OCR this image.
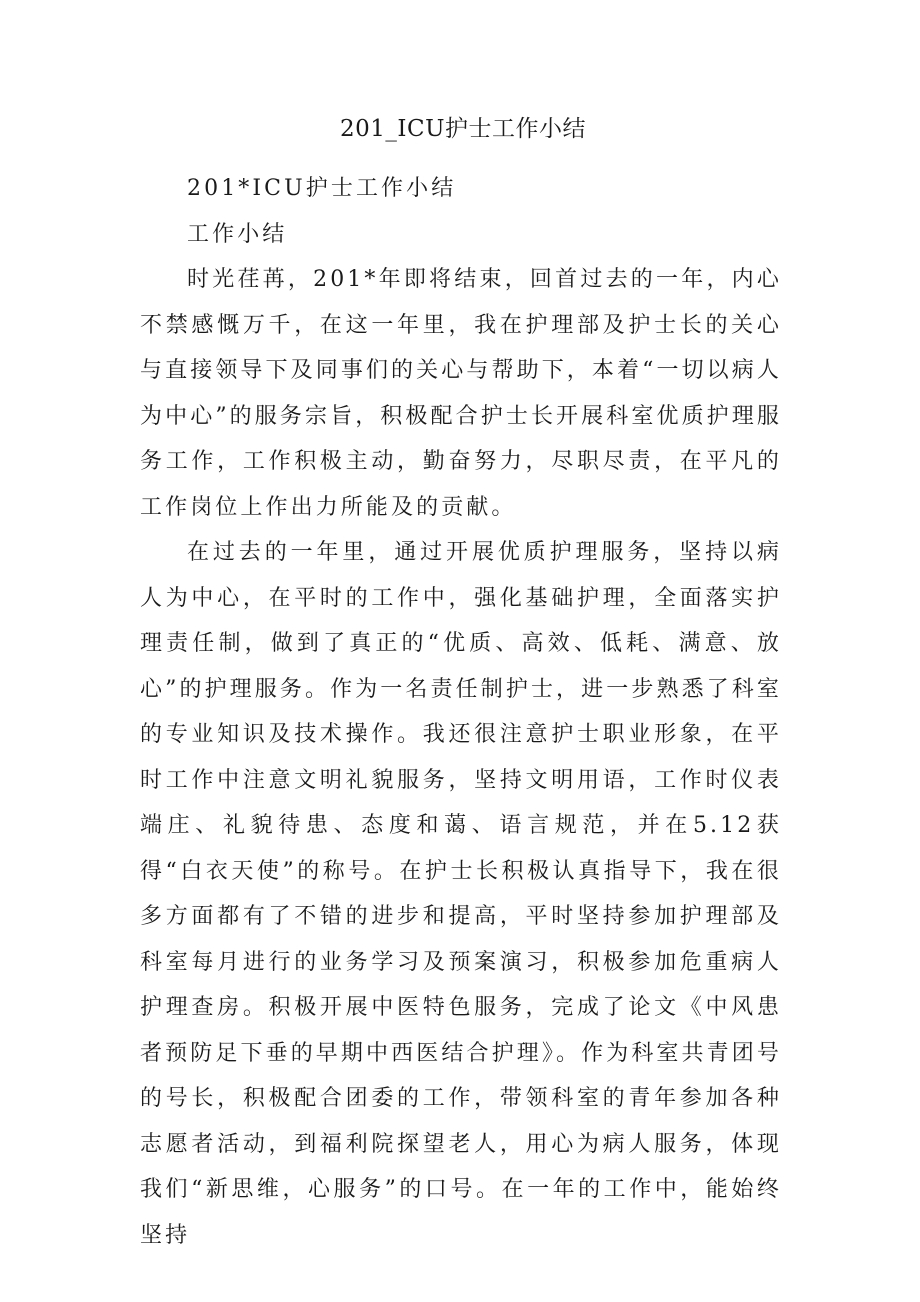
201_ICU护士工作小结

201*ICU护士工作小结

工作小结

时光荏苒，201*年即将结束，回首过去的一年，内心不禁感慨万千，在这一年里，我在护理部及护士长的关心与直接领导下及同事们的关心与帮助下，本着“一切以病人为中心”的服务宗旨，积极配合护士长开展科室优质护理服务工作，工作积极主动，勤奋努力，尽职尽责，在平凡的工作岗位上作出力所能及的贡献。

在过去的一年里，通过开展优质护理服务，坚持以病人为中心，在平时的工作中，强化基础护理，全面落实护理责任制，做到了真正的“优质、高效、低耗、满意、放心”的护理服务。作为一名责任制护士，进一步熟悉了科室的专业知识及技术操作。我还很注意护士职业形象，在平时工作中注意文明礼貌服务，坚持文明用语，工作时仪表端庄、礼貌待患、态度和蔼、语言规范，并在5.12获得“白衣天使”的称号。在护士长积极认真指导下，我在很多方面都有了不错的进步和提高，平时坚持参加护理部及科室每月进行的业务学习及预案演习，积极参加危重病人护理查房。积极开展中医特色服务，完成了论文《中风患者预防足下垂的早期中西医结合护理》。作为科室共青团号的号长，积极配合团委的工作，带领科室的青年参加各种志愿者活动，到福利院探望老人，用心为病人服务，体现我们“新思维，心服务”的口号。在一年的工作中，能始终坚持
